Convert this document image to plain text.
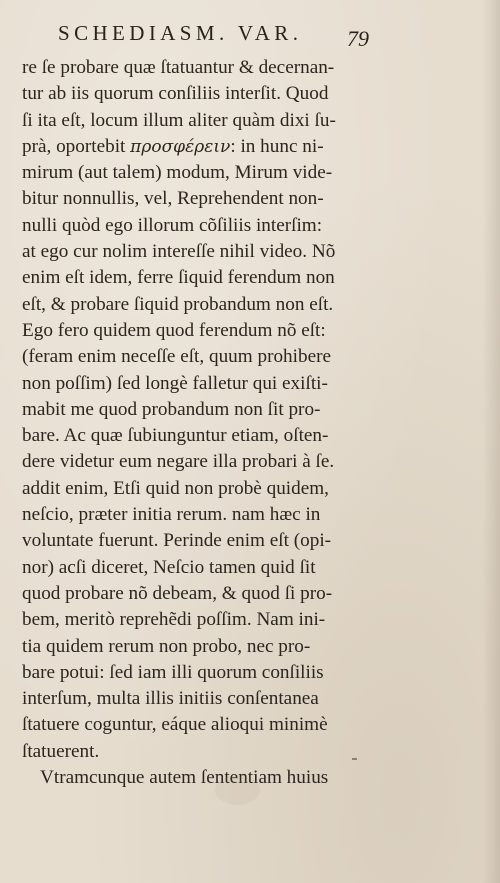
SCHEDIASM. VAR.	79
re ſe probare quæ ſtatuantur & decernan-
tur ab iis quorum conſiliis interſit. Quod
ſi ita eſt, locum illum aliter quàm dixi ſu-
prà, oportebit προσφέρειν: in hunc ni-
mirum (aut talem) modum, Mirum vide-
bitur nonnullis, vel, Reprehendent non-
nulli quòd ego illorum cõſiliis interſim:
at ego cur nolim intereſſe nihil video. Nõ
enim eſt idem, ferre ſiquid ferendum non
eſt, & probare ſiquid probandum non eſt.
Ego fero quidem quod ferendum nõ eſt:
(feram enim neceſſe eſt, quum prohibere
non poſſim) ſed longè falletur qui exiſti-
mabit me quod probandum non ſit pro-
bare. Ac quæ ſubiunguntur etiam, oſten-
dere videtur eum negare illa probari à ſe.
addit enim, Etſi quid non probè quidem,
neſcio, præter initia rerum. nam hæc in
voluntate fuerunt. Perinde enim eſt (opi-
nor) acſi diceret, Neſcio tamen quid ſit
quod probare nõ debeam, & quod ſi pro-
bem, meritò reprehẽdi poſſim. Nam ini-
tia quidem rerum non probo, nec pro-
bare potui: ſed iam illi quorum conſiliis
interſum, multa illis initiis conſentanea
ſtatuere coguntur, eáque alioqui minimè
ſtatuerent.
Vtramcunque autem ſententiam huius
